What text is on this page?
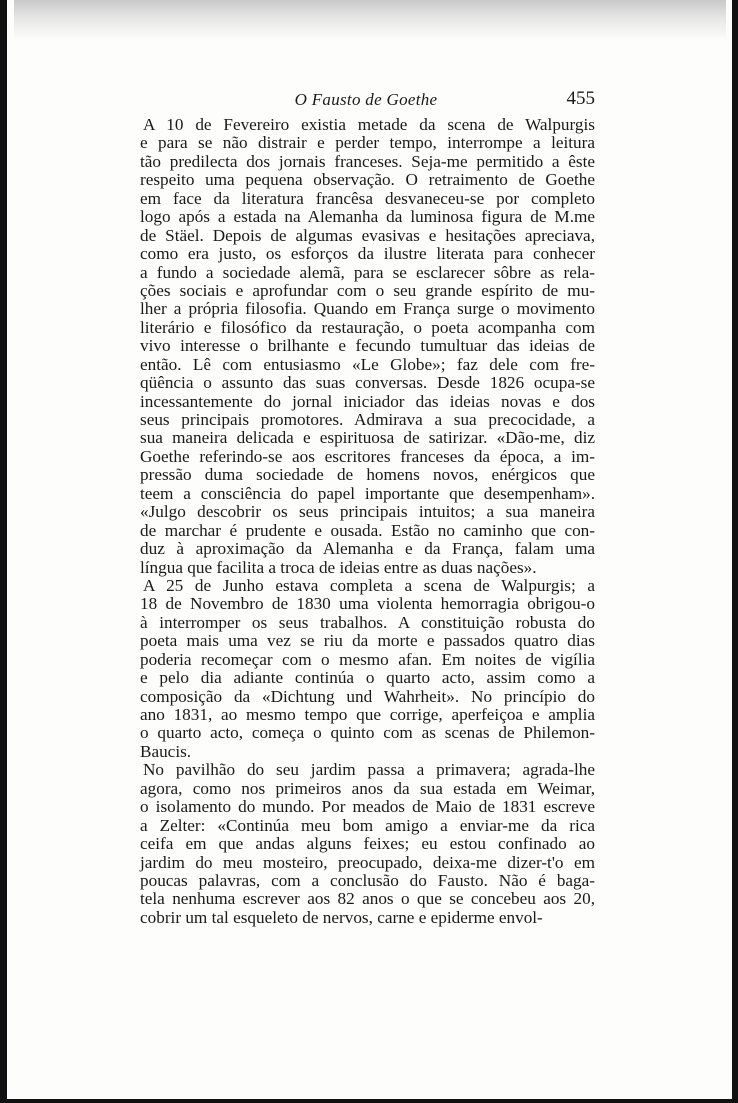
O Fausto de Goethe	455

A 10 de Fevereiro existia metade da scena de Walpurgis
e para se não distrair e perder tempo, interrompe a leitura
tão predilecta dos jornais franceses. Seja-me permitido a êste
respeito uma pequena observação. O retraimento de Goethe
em face da literatura francêsa desvaneceu-se por completo
logo após a estada na Alemanha da luminosa figura de M.me
de Stäel. Depois de algumas evasivas e hesitações apreciava,
como era justo, os esforços da ilustre literata para conhecer
a fundo a sociedade alemã, para se esclarecer sôbre as rela-
ções sociais e aprofundar com o seu grande espírito de mu-
lher a própria filosofia. Quando em França surge o movimento
literário e filosófico da restauração, o poeta acompanha com
vivo interesse o brilhante e fecundo tumultuar das ideias de
então. Lê com entusiasmo «Le Globe»; faz dele com fre-
qüência o assunto das suas conversas. Desde 1826 ocupa-se
incessantemente do jornal iniciador das ideias novas e dos
seus principais promotores. Admirava a sua precocidade, a
sua maneira delicada e espirituosa de satirizar. «Dão-me, diz
Goethe referindo-se aos escritores franceses da época, a im-
pressão duma sociedade de homens novos, enérgicos que
teem a consciência do papel importante que desempenham».
«Julgo descobrir os seus principais intuitos; a sua maneira
de marchar é prudente e ousada. Estão no caminho que con-
duz à aproximação da Alemanha e da França, falam uma
língua que facilita a troca de ideias entre as duas nações».

A 25 de Junho estava completa a scena de Walpurgis; a
18 de Novembro de 1830 uma violenta hemorragia obrigou-o
à interromper os seus trabalhos. A constituição robusta do
poeta mais uma vez se riu da morte e passados quatro dias
poderia recomeçar com o mesmo afan. Em noites de vigília
e pelo dia adiante continúa o quarto acto, assim como a
composição da «Dichtung und Wahrheit». No princípio do
ano 1831, ao mesmo tempo que corrige, aperfeiçoa e amplia
o quarto acto, começa o quinto com as scenas de Philemon-
Baucis.

No pavilhão do seu jardim passa a primavera; agrada-lhe
agora, como nos primeiros anos da sua estada em Weimar,
o isolamento do mundo. Por meados de Maio de 1831 escreve
a Zelter: «Continúa meu bom amigo a enviar-me da rica
ceifa em que andas alguns feixes; eu estou confinado ao
jardim do meu mosteiro, preocupado, deixa-me dizer-t'o em
poucas palavras, com a conclusão do Fausto. Não é baga-
tela nenhuma escrever aos 82 anos o que se concebeu aos 20,
cobrir um tal esqueleto de nervos, carne e epiderme envol-
